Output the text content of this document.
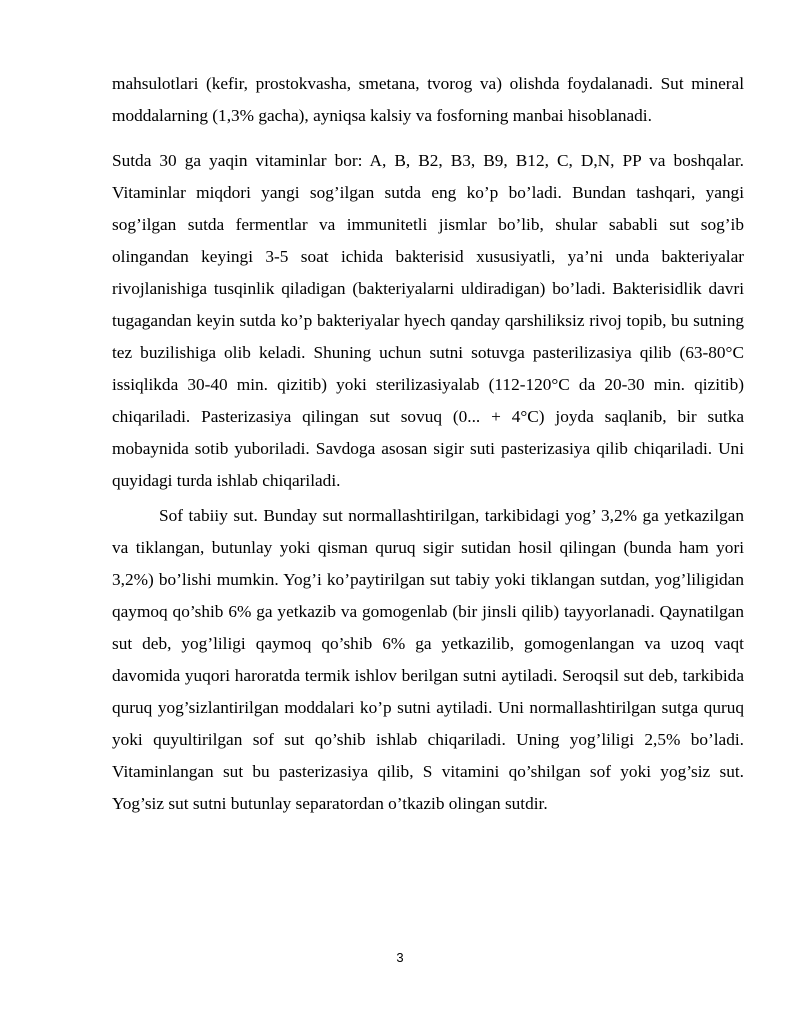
mahsulotlari (kefir, prostokvasha, smetana, tvorog va) olishda foydalanadi. Sut mineral moddalarning (1,3% gacha), ayniqsa kalsiy va fosforning manbai hisoblanadi.

Sutda 30 ga yaqin vitaminlar bor: A, B, B2, B3, B9, B12, C, D,N, PP va boshqalar. Vitaminlar miqdori yangi sog’ilgan sutda eng ko’p bo’ladi. Bundan tashqari, yangi sog’ilgan sutda fermentlar va immunitetli jismlar bo’lib, shular sababli sut sog’ib olingandan keyingi 3-5 soat ichida bakterisid xususiyatli, ya’ni unda bakteriyalar rivojlanishiga tusqinlik qiladigan (bakteriyalarni uldiradigan) bo’ladi. Bakterisidlik davri tugagandan keyin sutda ko’p bakteriyalar hyech qanday qarshiliksiz rivoj topib, bu sutning tez buzilishiga olib keladi. Shuning uchun sutni sotuvga pasterilizasiya qilib (63-80°C issiqlikda 30-40 min. qizitib) yoki sterilizasiyalab (112-120°C da 20-30 min. qizitib) chiqariladi. Pasterizasiya qilingan sut sovuq (0... + 4°C) joyda saqlanib, bir sutka mobaynida sotib yuboriladi. Savdoga asosan sigir suti pasterizasiya qilib chiqariladi. Uni quyidagi turda ishlab chiqariladi.

Sof tabiiy sut. Bunday sut normallashtirilgan, tarkibidagi yog’ 3,2% ga yetkazilgan va tiklangan, butunlay yoki qisman quruq sigir sutidan hosil qilingan (bunda ham yori 3,2%) bo’lishi mumkin. Yog’i ko’paytirilgan sut tabiy yoki tiklangan sutdan, yog’liligidan qaymoq qo’shib 6% ga yetkazib va gomogenlab (bir jinsli qilib) tayyorlanadi. Qaynatilgan sut deb, yog’liligi qaymoq qo’shib 6% ga yetkazilib, gomogenlangan va uzoq vaqt davomida yuqori haroratda termik ishlov berilgan sutni aytiladi. Seroqsil sut deb, tarkibida quruq yog’sizlantirilgan moddalari ko’p sutni aytiladi. Uni normallashtirilgan sutga quruq yoki quyultirilgan sof sut qo’shib ishlab chiqariladi. Uning yog’liligi 2,5% bo’ladi. Vitaminlangan sut bu pasterizasiya qilib, S vitamini qo’shilgan sof yoki yog’siz sut. Yog’siz sut sutni butunlay separatordan o’tkazib olingan sutdir.

3
